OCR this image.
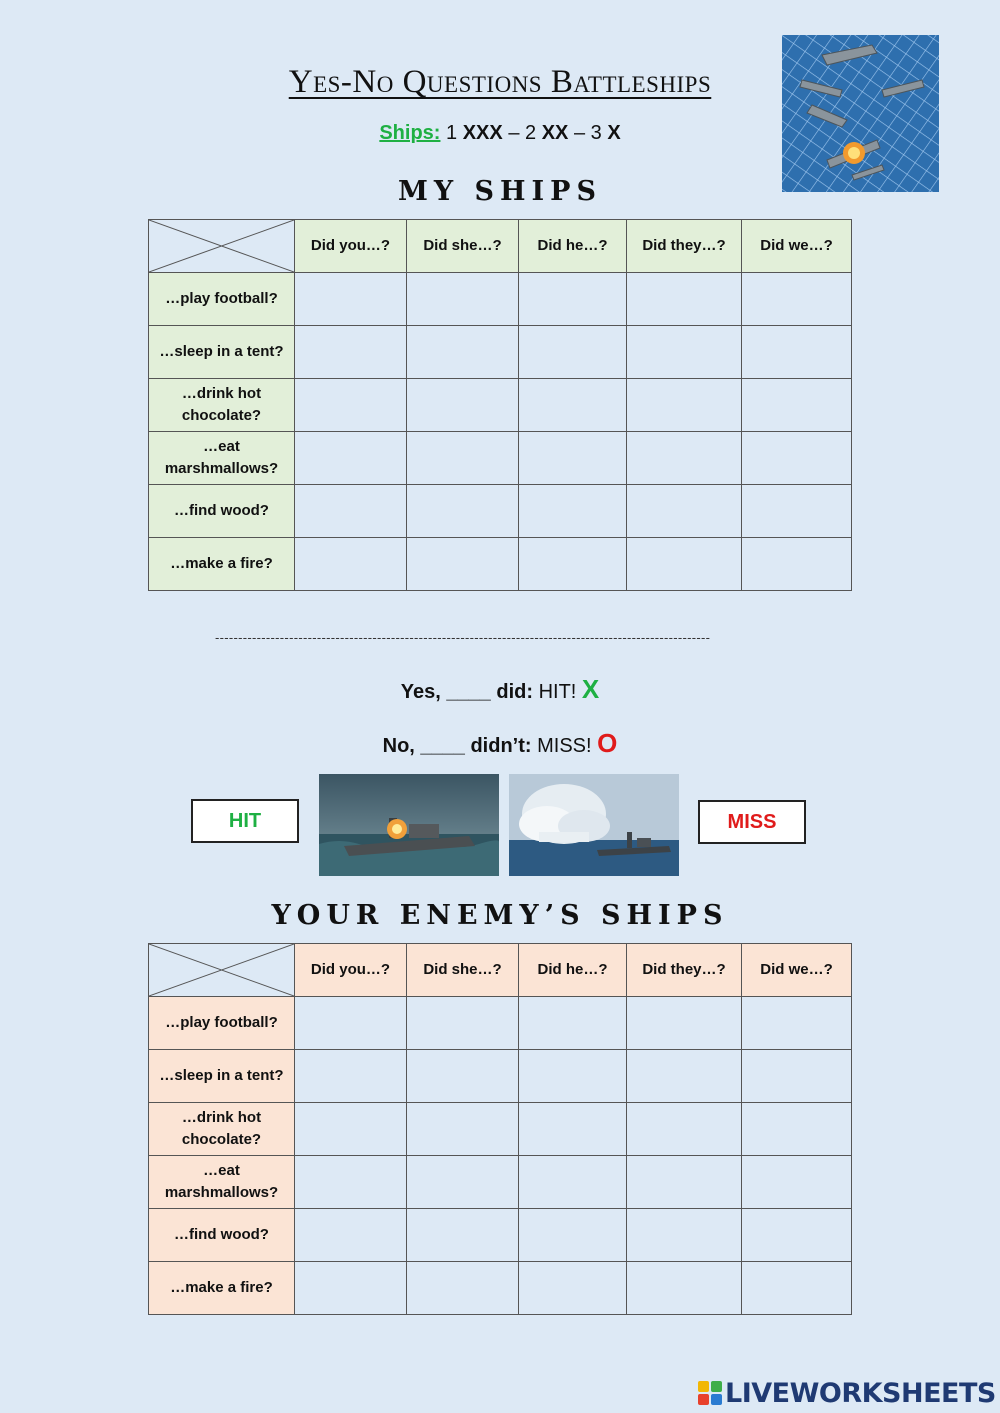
Yes-No Questions Battleships
Ships: 1 XXX – 2 XX – 3 X
MY SHIPS
	Did you…?	Did she…?	Did he…?	Did they…?	Did we…?
…play football?					
…sleep in a tent?					
…drink hot chocolate?					
…eat marshmallows?					
…find wood?					
…make a fire?					
-----------------------------------------------------------------------------------------------------------
Yes, ____ did: HIT! X
No, ____ didn’t: MISS! O
HIT	MISS
YOUR ENEMY’S SHIPS
	Did you…?	Did she…?	Did he…?	Did they…?	Did we…?
…play football?					
…sleep in a tent?					
…drink hot chocolate?					
…eat marshmallows?					
…find wood?					
…make a fire?					
LIVEWORKSHEETS
